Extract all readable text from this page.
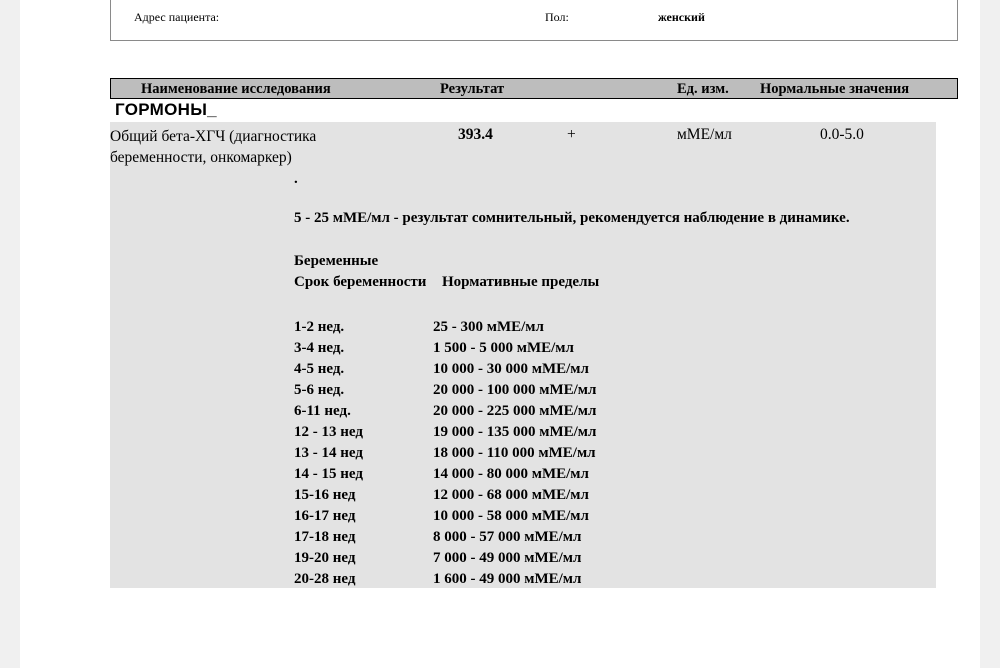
Адрес пациента:	Пол:	женский
Наименование исследования	Результат	Ед. изм. Нормальные значения
ГОРМОНЫ_
Общий бета-ХГЧ (диагностика беременности, онкомаркер)
393.4	+	мМЕ/мл	0.0-5.0
.
5 - 25 мМЕ/мл - результат сомнительный, рекомендуется наблюдение в динамике.
Беременные
Срок беременности Нормативные пределы
1-2 нед.	25 - 300 мМЕ/мл
3-4 нед.	1 500 - 5 000 мМЕ/мл
4-5 нед.	10 000 - 30 000 мМЕ/мл
5-6 нед.	20 000 - 100 000 мМЕ/мл
6-11 нед.	20 000 - 225 000 мМЕ/мл
12 - 13 нед	19 000 - 135 000 мМЕ/мл
13 - 14 нед	18 000 - 110 000 мМЕ/мл
14 - 15 нед	14 000 - 80 000 мМЕ/мл
15-16 нед	12 000 - 68 000 мМЕ/мл
16-17 нед	10 000 - 58 000 мМЕ/мл
17-18 нед	8 000 - 57 000 мМЕ/мл
19-20 нед	7 000 - 49 000 мМЕ/мл
20-28 нед	1 600 - 49 000 мМЕ/мл
